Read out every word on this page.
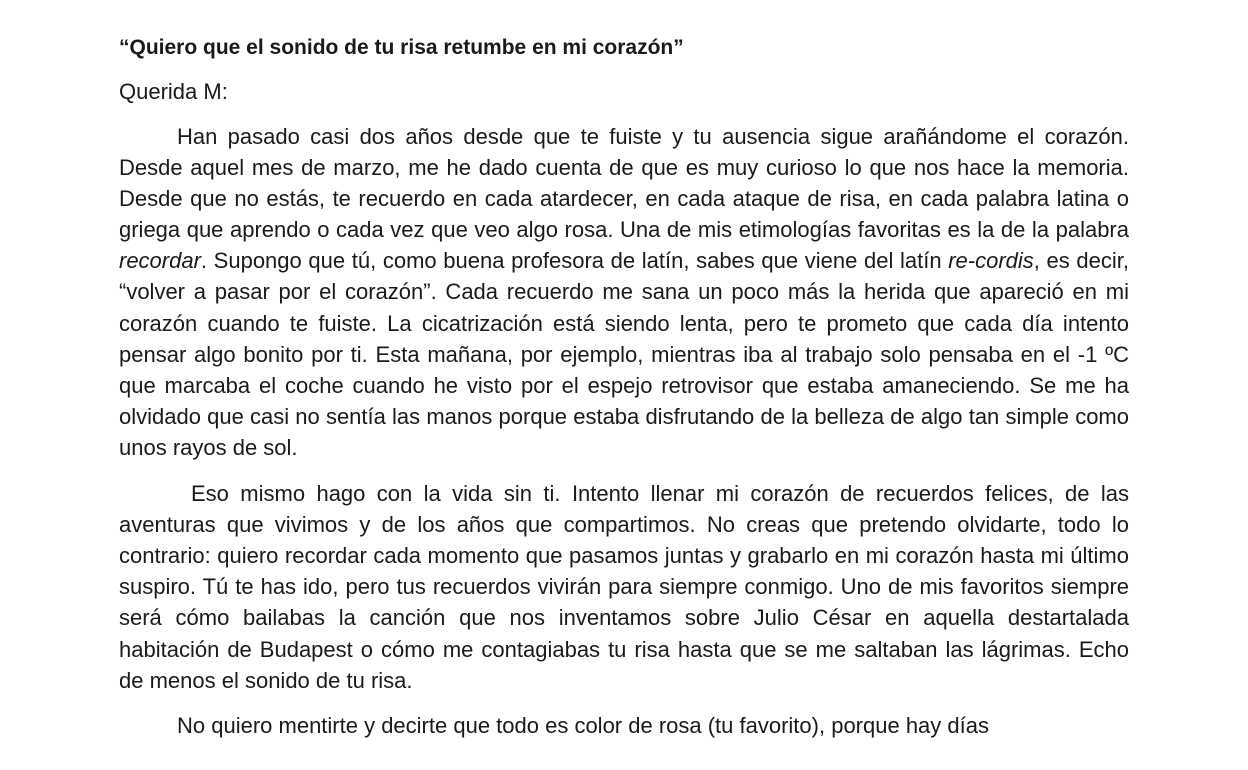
“Quiero que el sonido de tu risa retumbe en mi corazón”
Querida M:

Han pasado casi dos años desde que te fuiste y tu ausencia sigue arañándome el corazón. Desde aquel mes de marzo, me he dado cuenta de que es muy curioso lo que nos hace la memoria. Desde que no estás, te recuerdo en cada atardecer, en cada ataque de risa, en cada palabra latina o griega que aprendo o cada vez que veo algo rosa. Una de mis etimologías favoritas es la de la palabra recordar. Supongo que tú, como buena profesora de latín, sabes que viene del latín re-cordis, es decir, “volver a pasar por el corazón”. Cada recuerdo me sana un poco más la herida que apareció en mi corazón cuando te fuiste. La cicatrización está siendo lenta, pero te prometo que cada día intento pensar algo bonito por ti. Esta mañana, por ejemplo, mientras iba al trabajo solo pensaba en el -1 ºC que marcaba el coche cuando he visto por el espejo retrovisor que estaba amaneciendo. Se me ha olvidado que casi no sentía las manos porque estaba disfrutando de la belleza de algo tan simple como unos rayos de sol.

Eso mismo hago con la vida sin ti. Intento llenar mi corazón de recuerdos felices, de las aventuras que vivimos y de los años que compartimos. No creas que pretendo olvidarte, todo lo contrario: quiero recordar cada momento que pasamos juntas y grabarlo en mi corazón hasta mi último suspiro. Tú te has ido, pero tus recuerdos vivirán para siempre conmigo. Uno de mis favoritos siempre será cómo bailabas la canción que nos inventamos sobre Julio César en aquella destartalada habitación de Budapest o cómo me contagiabas tu risa hasta que se me saltaban las lágrimas. Echo de menos el sonido de tu risa.

No quiero mentirte y decirte que todo es color de rosa (tu favorito), porque hay días
